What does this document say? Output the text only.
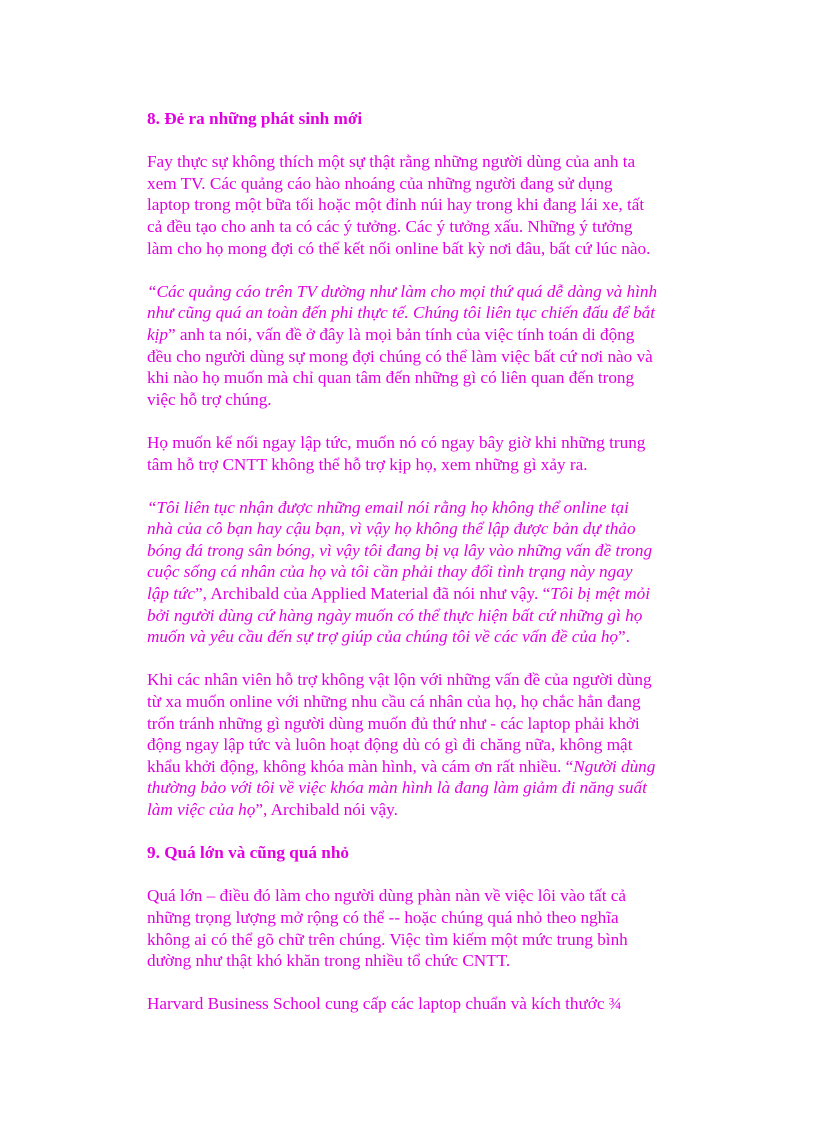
8. Đẻ ra những phát sinh mới
Fay thực sự không thích một sự thật rằng những người dùng của anh ta
xem TV. Các quảng cáo hào nhoáng của những người đang sử dụng
laptop trong một bữa tối hoặc một đỉnh núi hay trong khi đang lái xe, tất
cả đều tạo cho anh ta có các ý tưởng. Các ý tưởng xấu. Những ý tưởng
làm cho họ mong đợi có thể kết nối online bất kỳ nơi đâu, bất cứ lúc nào.
“Các quảng cáo trên TV dường như làm cho mọi thứ quá dễ dàng và hình
như cũng quá an toàn đến phi thực tế. Chúng tôi liên tục chiến đấu để bắt
kịp” anh ta nói, vấn đề ở đây là mọi bản tính của việc tính toán di động
đều cho người dùng sự mong đợi chúng có thể làm việc bất cứ nơi nào và
khi nào họ muốn mà chỉ quan tâm đến những gì có liên quan đến trong
việc hỗ trợ chúng.
Họ muốn kế nối ngay lập tức, muốn nó có ngay bây giờ khi những trung
tâm hỗ trợ CNTT không thể hỗ trợ kịp họ, xem những gì xảy ra.
“Tôi liên tục nhận được những email nói rằng họ không thể online tại
nhà của cô bạn hay cậu bạn, vì vậy họ không thể lập được bản dự thảo
bóng đá trong sân bóng, vì vậy tôi đang bị vạ lây vào những vấn đề trong
cuộc sống cá nhân của họ và tôi cần phải thay đổi tình trạng này ngay
lập tức”, Archibald của Applied Material đã nói như vậy. “Tôi bị mệt mỏi
bởi người dùng cứ hàng ngày muốn có thể thực hiện bất cứ những gì họ
muốn và yêu cầu đến sự trợ giúp của chúng tôi về các vấn đề của họ”.
Khi các nhân viên hỗ trợ không vật lộn với những vấn đề của người dùng
từ xa muốn online với những nhu cầu cá nhân của họ, họ chắc hẳn đang
trốn tránh những gì người dùng muốn đủ thứ như - các laptop phải khởi
động ngay lập tức và luôn hoạt động dù có gì đi chăng nữa, không mật
khẩu khởi động, không khóa màn hình, và cám ơn rất nhiều. “Người dùng
thường bảo với tôi về việc khóa màn hình là đang làm giảm đi năng suất
làm việc của họ”, Archibald nói vậy.
9. Quá lớn và cũng quá nhỏ
Quá lớn – điều đó làm cho người dùng phàn nàn về việc lôi vào tất cả
những trọng lượng mở rộng có thể -- hoặc chúng quá nhỏ theo nghĩa
không ai có thể gõ chữ trên chúng. Việc tìm kiếm một mức trung bình
dường như thật khó khăn trong nhiều tổ chức CNTT.
Harvard Business School cung cấp các laptop chuẩn và kích thước ¾
